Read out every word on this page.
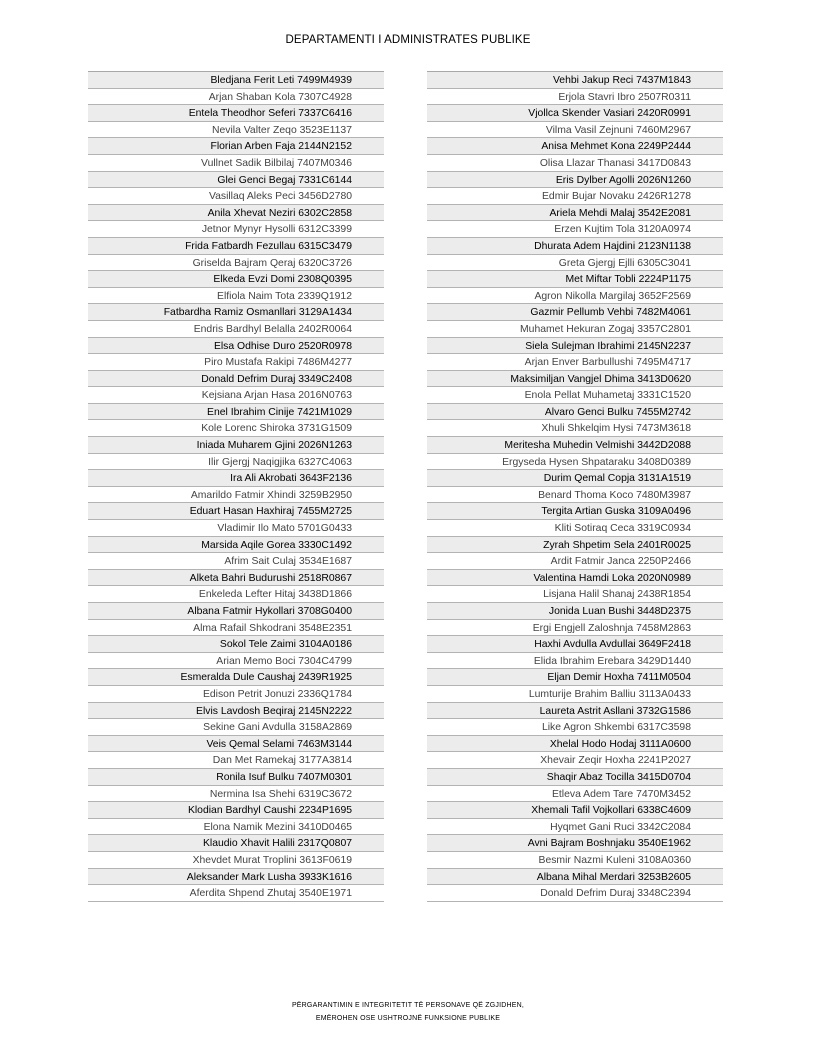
DEPARTAMENTI I ADMINISTRATES PUBLIKE
Bledjana Ferit Leti 7499M4939
Arjan Shaban Kola 7307C4928
Entela Theodhor Seferi 7337C6416
Nevila Valter Zeqo 3523E1137
Florian Arben Faja 2144N2152
Vullnet Sadik Bilbilaj 7407M0346
Glei Genci Begaj 7331C6144
Vasillaq Aleks Peci 3456D2780
Anila Xhevat Neziri 6302C2858
Jetnor Mynyr Hysolli 6312C3399
Frida Fatbardh Fezullau 6315C3479
Griselda Bajram Qeraj 6320C3726
Elkeda Evzi Domi 2308Q0395
Elfiola Naim Tota 2339Q1912
Fatbardha Ramiz Osmanllari 3129A1434
Endris Bardhyl Belalla 2402R0064
Elsa Odhise Duro 2520R0978
Piro Mustafa Rakipi 7486M4277
Donald Defrim Duraj 3349C2408
Kejsiana Arjan Hasa 2016N0763
Enel Ibrahim Cinije 7421M1029
Kole Lorenc Shiroka 3731G1509
Iniada Muharem Gjini 2026N1263
Ilir Gjergj Naqigjika 6327C4063
Ira Ali Akrobati 3643F2136
Amarildo Fatmir Xhindi 3259B2950
Eduart Hasan Haxhiraj 7455M2725
Vladimir Ilo Mato 5701G0433
Marsida Aqile Gorea 3330C1492
Afrim Sait Culaj 3534E1687
Alketa Bahri Budurushi 2518R0867
Enkeleda Lefter Hitaj 3438D1866
Albana Fatmir Hykollari 3708G0400
Alma Rafail Shkodrani 3548E2351
Sokol Tele Zaimi 3104A0186
Arian Memo Boci 7304C4799
Esmeralda Dule Caushaj 2439R1925
Edison Petrit Jonuzi 2336Q1784
Elvis Lavdosh Beqiraj 2145N2222
Sekine Gani Avdulla 3158A2869
Veis Qemal Selami 7463M3144
Dan Met Ramekaj 3177A3814
Ronila Isuf Bulku 7407M0301
Nermina Isa Shehi 6319C3672
Klodian Bardhyl Caushi 2234P1695
Elona Namik Mezini 3410D0465
Klaudio Xhavit Halili 2317Q0807
Xhevdet Murat Troplini 3613F0619
Aleksander Mark Lusha 3933K1616
Aferdita Shpend Zhutaj 3540E1971
Vehbi Jakup Reci 7437M1843
Erjola Stavri Ibro 2507R0311
Vjollca Skender Vasiari 2420R0991
Vilma Vasil Zejnuni 7460M2967
Anisa Mehmet Kona 2249P2444
Olisa Llazar Thanasi 3417D0843
Eris Dylber Agolli 2026N1260
Edmir Bujar Novaku 2426R1278
Ariela Mehdi Malaj 3542E2081
Erzen Kujtim Tola 3120A0974
Dhurata Adem Hajdini 2123N1138
Greta Gjergj Ejlli 6305C3041
Met Miftar Tobli 2224P1175
Agron Nikolla Margilaj 3652F2569
Gazmir Pellumb Vehbi 7482M4061
Muhamet Hekuran Zogaj 3357C2801
Siela Sulejman Ibrahimi 2145N2237
Arjan Enver Barbullushi 7495M4717
Maksimiljan Vangjel Dhima 3413D0620
Enola Pellat Muhametaj 3331C1520
Alvaro Genci Bulku 7455M2742
Xhuli Shkelqim Hysi 7473M3618
Meritesha Muhedin Velmishi 3442D2088
Ergyseda Hysen Shpataraku 3408D0389
Durim Qemal Copja 3131A1519
Benard Thoma Koco 7480M3987
Tergita Artian Guska 3109A0496
Kliti Sotiraq Ceca 3319C0934
Zyrah Shpetim Sela 2401R0025
Ardit Fatmir Janca 2250P2466
Valentina Hamdi Loka 2020N0989
Lisjana Halil Shanaj 2438R1854
Jonida Luan Bushi 3448D2375
Ergi Engjell Zaloshnja 7458M2863
Haxhi Avdulla Avdullai 3649F2418
Elida Ibrahim Erebara 3429D1440
Eljan Demir Hoxha 7411M0504
Lumturije Brahim Balliu 3113A0433
Laureta Astrit Asllani 3732G1586
Like Agron Shkembi 6317C3598
Xhelal Hodo Hodaj 3111A0600
Xhevair Zeqir Hoxha 2241P2027
Shaqir Abaz Tocilla 3415D0704
Etleva Adem Tare 7470M3452
Xhemali Tafil Vojkollari 6338C4609
Hyqmet Gani Ruci 3342C2084
Avni Bajram Boshnjaku 3540E1962
Besmir Nazmi Kuleni 3108A0360
Albana Mihal Merdari 3253B2605
Donald Defrim Duraj 3348C2394
PËRGARANTIMIN E INTEGRITETIT TË PERSONAVE QË ZGJIDHEN,
EMËROHEN OSE USHTROJNË FUNKSIONE PUBLIKE
